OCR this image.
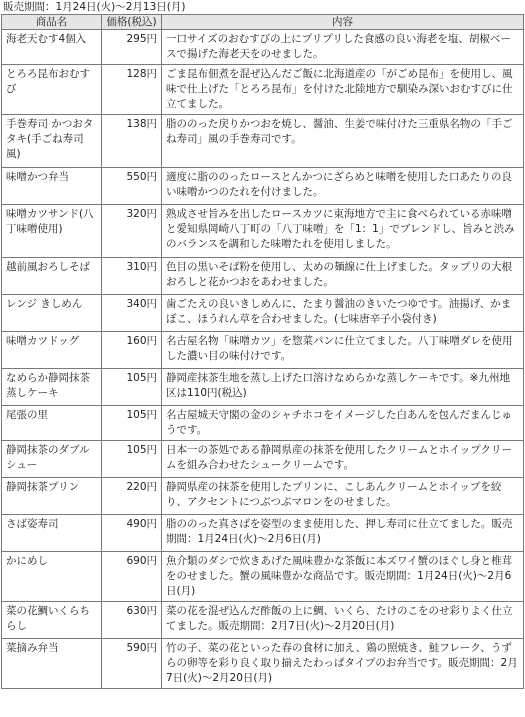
販売期間：1月24日(火)～2月13日(月)
商品名	価格(税込)	内容
海老天むす4個入	295円	一口サイズのおむすびの上にプリプリした食感の良い海老を塩、胡椒ベースで揚げた海老天をのせました。
とろろ昆布おむすび	128円	ごま昆布佃煮を混ぜ込んだご飯に北海道産の「がごめ昆布」を使用し、風味で仕上げた「とろろ昆布」を付けた北陸地方で馴染み深いおむすびに仕立てました。
手巻寿司 かつおタタキ(手ごね寿司風)	138円	脂ののった戻りかつおを焼し、醤油、生姜で味付けた三重県名物の「手ごね寿司」風の手巻寿司です。
味噌かつ弁当	550円	適度に脂ののったロースとんかつにざらめと味噌を使用した口あたりの良い味噌かつのたれを付けました。
味噌カツサンド(八丁味噌使用)	320円	熟成させ旨みを出したロースカツに東海地方で主に食べられている赤味噌と愛知県岡崎八丁町の「八丁味噌」を「1：1」でブレンドし、旨みと渋みのバランスを調和した味噌たれを使用しました。
越前風おろしそば	310円	色目の黒いそば粉を使用し、太めの麺線に仕上げました。タップリの大根おろしと花かつおをあわせました。
レンジ きしめん	340円	歯ごたえの良いきしめんに、たまり醤油のきいたつゆです。油揚げ、かまぼこ、ほうれん草を合わせました。(七味唐辛子小袋付き)
味噌カツドッグ	160円	名古屋名物「味噌カツ」を惣菜パンに仕立てました。八丁味噌ダレを使用した濃い目の味付けです。
なめらか静岡抹茶蒸しケーキ	105円	静岡産抹茶生地を蒸し上げた口溶けなめらかな蒸しケーキです。※九州地区は110円(税込)
尾張の里	105円	名古屋城天守閣の金のシャチホコをイメージした白あんを包んだまんじゅうです。
静岡抹茶のダブルシュー	105円	日本一の茶処である静岡県産の抹茶を使用したクリームとホイップクリームを組み合わせたシュークリームです。
静岡抹茶プリン	220円	静岡県産の抹茶を使用したプリンに、こしあんクリームとホイップを絞り、アクセントにつぶつぶマロンをのせました。
さば姿寿司	490円	脂ののった真さばを姿型のまま使用した、押し寿司に仕立てました。販売期間：1月24日(火)～2月6日(月)
かにめし	690円	魚介類のダシで炊きあげた風味豊かな茶飯に本ズワイ蟹のほぐし身と椎茸をのせました。蟹の風味豊かな商品です。販売期間：1月24日(火)～2月6日(月)
菜の花鯛いくらちらし	630円	菜の花を混ぜ込んだ酢飯の上に鯛、いくら、たけのこをのせ彩りよく仕立てました。販売期間：2月7日(火)～2月20日(月)
菜摘み弁当	590円	竹の子、菜の花といった春の食材に加え、鶏の照焼き、鮭フレーク、うずらの卵等を彩り良く取り揃えたわっぱタイプのお弁当です。販売期間：2月7日(火)～2月20日(月)
